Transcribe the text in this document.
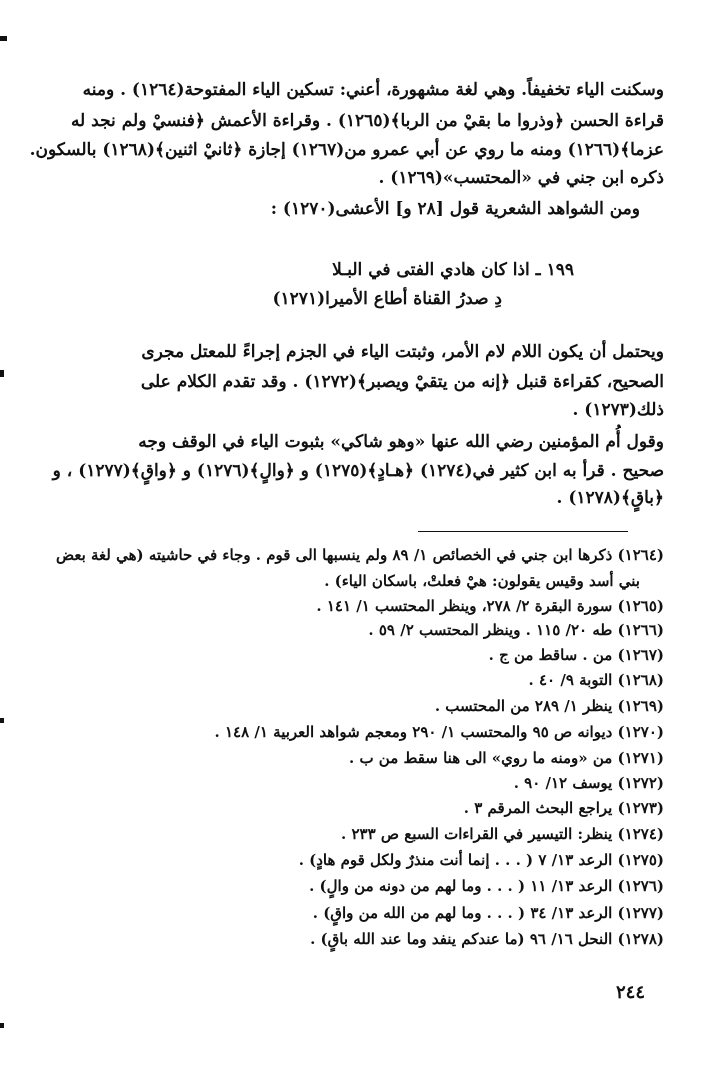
وسكنت الياء تخفيفاً. وهي لغة مشهورة، أعني: تسكين الياء المفتوحة(١٢٦٤) . ومنه
قراءة الحسن ﴿وذروا ما بقيْ من الربا﴾(١٢٦٥) . وقراءة الأعمش ﴿فنسيْ ولم نجد له
عزما﴾(١٢٦٦) ومنه ما روي عن أبي عمرو من(١٢٦٧) إجازة ﴿ثانيْ اثنين﴾(١٢٦٨) بالسكون.
ذكره ابن جني في «المحتسب»(١٢٦٩) .
ومن الشواهد الشعرية قول [٢٨ و] الأعشى(١٢٧٠) :
١٩٩ ـ اذا كان هادي الفتى في البـلا
دِ صدرُ القناة أطاع الأميرا(١٢٧١)
ويحتمل أن يكون اللام لام الأمر، وثبتت الياء في الجزم إجراءً للمعتل مجرى
الصحيح، كقراءة قنبل ﴿إنه من يتقيْ ويصبر﴾(١٢٧٢) . وقد تقدم الكلام على
ذلك(١٢٧٣) .
وقول أُم المؤمنين رضي الله عنها «وهو شاكي» بثبوت الياء في الوقف وجه
صحيح . قرأ به ابن كثير في(١٢٧٤) ﴿هـادٍ﴾(١٢٧٥) و ﴿والٍ﴾(١٢٧٦) و ﴿واقٍ﴾(١٢٧٧) ، و
﴿باقٍ﴾(١٢٧٨) .
(١٢٦٤) ذكرها ابن جني في الخصائص ١/ ٨٩ ولم ينسبها الى قوم . وجاء في حاشيته (هي لغة بعض
بني أسد وقيس يقولون: هيْ فعلتْ، باسكان الياء) .
(١٢٦٥) سورة البقرة ٢/ ٢٧٨، وينظر المحتسب ١/ ١٤١ .
(١٢٦٦) طه ٢٠/ ١١٥ . وينظر المحتسب ٢/ ٥٩ .
(١٢٦٧) من . ساقط من ج .
(١٢٦٨) التوبة ٩/ ٤٠ .
(١٢٦٩) ينظر ١/ ٢٨٩ من المحتسب .
(١٢٧٠) ديوانه ص ٩٥ والمحتسب ١/ ٢٩٠ ومعجم شواهد العربية ١/ ١٤٨ .
(١٢٧١) من «ومنه ما روي» الى هنا سقط من ب .
(١٢٧٢) يوسف ١٢/ ٩٠ .
(١٢٧٣) يراجع البحث المرقم ٣ .
(١٢٧٤) ينظر: التيسير في القراءات السبع ص ٢٣٣ .
(١٢٧٥) الرعد ١٣/ ٧ ( . . . إنما أنت منذرٌ ولكل قوم هادٍ) .
(١٢٧٦) الرعد ١٣/ ١١ ( . . . وما لهم من دونه من والٍ) .
(١٢٧٧) الرعد ١٣/ ٣٤ ( . . . وما لهم من الله من واقٍ) .
(١٢٧٨) النحل ١٦/ ٩٦ (ما عندكم ينفد وما عند الله باقٍ) .
٢٤٤
